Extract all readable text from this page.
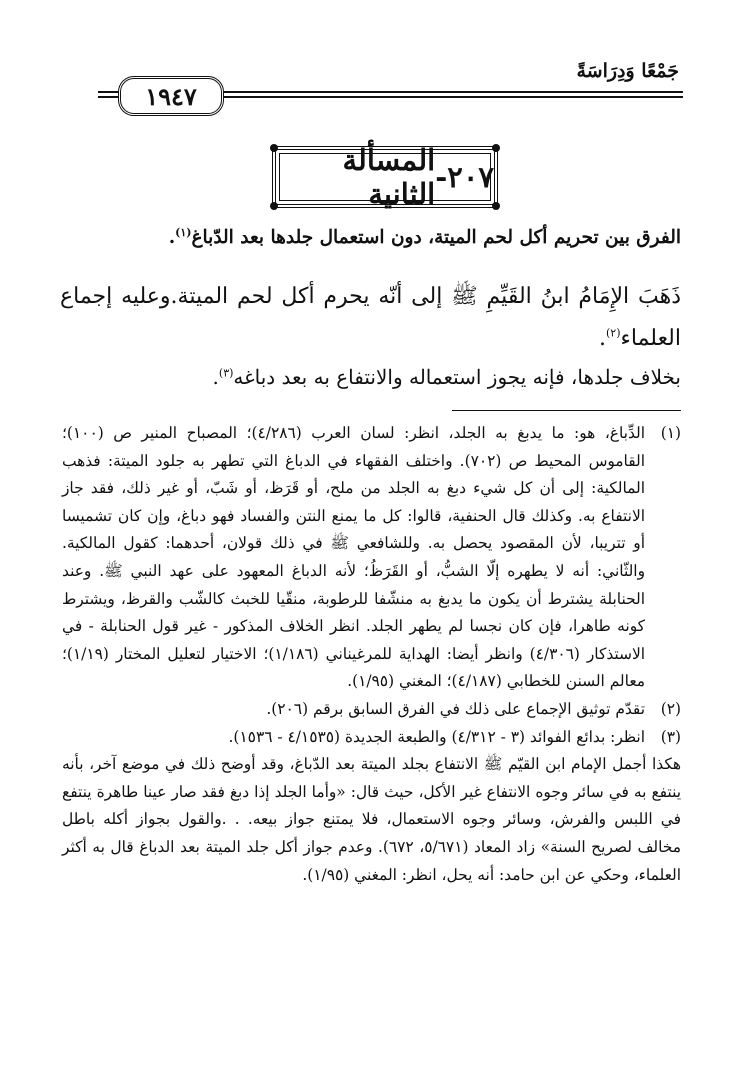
جَمْعًا وَدِرَاسَةً
١٩٤٧
٢٠٧-
المسألة الثانية
الفرق بين تحريم أكل لحم الميتة، دون استعمال جلدها بعد الدّباغ$^{(١)}$.
ذَهَبَ الإِمَامُ ابنُ القَيِّمِ ﷺ إلى أنّه يحرم أكل لحم الميتة.وعليه إجماع العلماء$^{(٢)}$.
بخلاف جلدها، فإنه يجوز استعماله والانتفاع به بعد دباغه$^{(٣)}$.
(١)
الدِّباغ، هو: ما يدبغ به الجلد، انظر: لسان العرب (٤/٢٨٦)؛ المصباح المنير ص (١٠٠)؛ القاموس المحيط ص (٧٠٢). واختلف الفقهاء في الدباغ التي تطهر به جلود الميتة: فذهب المالكية: إلى أن كل شيء دبغ به الجلد من ملح، أو قَرَظ، أو شَبّ، أو غير ذلك، فقد جاز الانتفاع به. وكذلك قال الحنفية، قالوا: كل ما يمنع النتن والفساد فهو دباغ، وإن كان تشميسا أو تتريبا، لأن المقصود يحصل به. وللشافعي ﷺ في ذلك قولان، أحدهما: كقول المالكية. والثّاني: أنه لا يطهره إلّا الشبُّ، أو القَرَظُ؛ لأنه الدباغ المعهود على عهد النبي ﷺ. وعند الحنابلة يشترط أن يكون ما يدبغ به منشّفا للرطوبة، منقّيا للخبث كالشّب والقرظ، ويشترط كونه طاهرا، فإن كان نجسا لم يطهر الجلد. انظر الخلاف المذكور - غير قول الحنابلة - في الاستذكار (٤/٣٠٦) وانظر أيضا: الهداية للمرغيناني (١/١٨٦)؛ الاختيار لتعليل المختار (١/١٩)؛ معالم السنن للخطابي (٤/١٨٧)؛ المغني (١/٩٥).
(٢)
تقدّم توثيق الإجماع على ذلك في الفرق السابق برقم (٢٠٦).
(٣)
انظر: بدائع الفوائد (٣ - ٤/٣١٢) والطبعة الجديدة (٤/١٥٣٥ - ١٥٣٦).
هكذا أجمل الإمام ابن القيّم ﷺ الانتفاع بجلد الميتة بعد الدّباغ، وقد أوضح ذلك في موضع آخر، بأنه ينتفع به في سائر وجوه الانتفاع غير الأكل، حيث قال: «وأما الجلد إذا دبغ فقد صار عينا طاهرة ينتفع في اللبس والفرش، وسائر وجوه الاستعمال، فلا يمتنع جواز بيعه. . .والقول بجواز أكله باطل مخالف لصريح السنة» زاد المعاد (٥/٦٧١، ٦٧٢). وعدم جواز أكل جلد الميتة بعد الدباغ قال به أكثر العلماء، وحكي عن ابن حامد: أنه يحل، انظر: المغني (١/٩٥).
